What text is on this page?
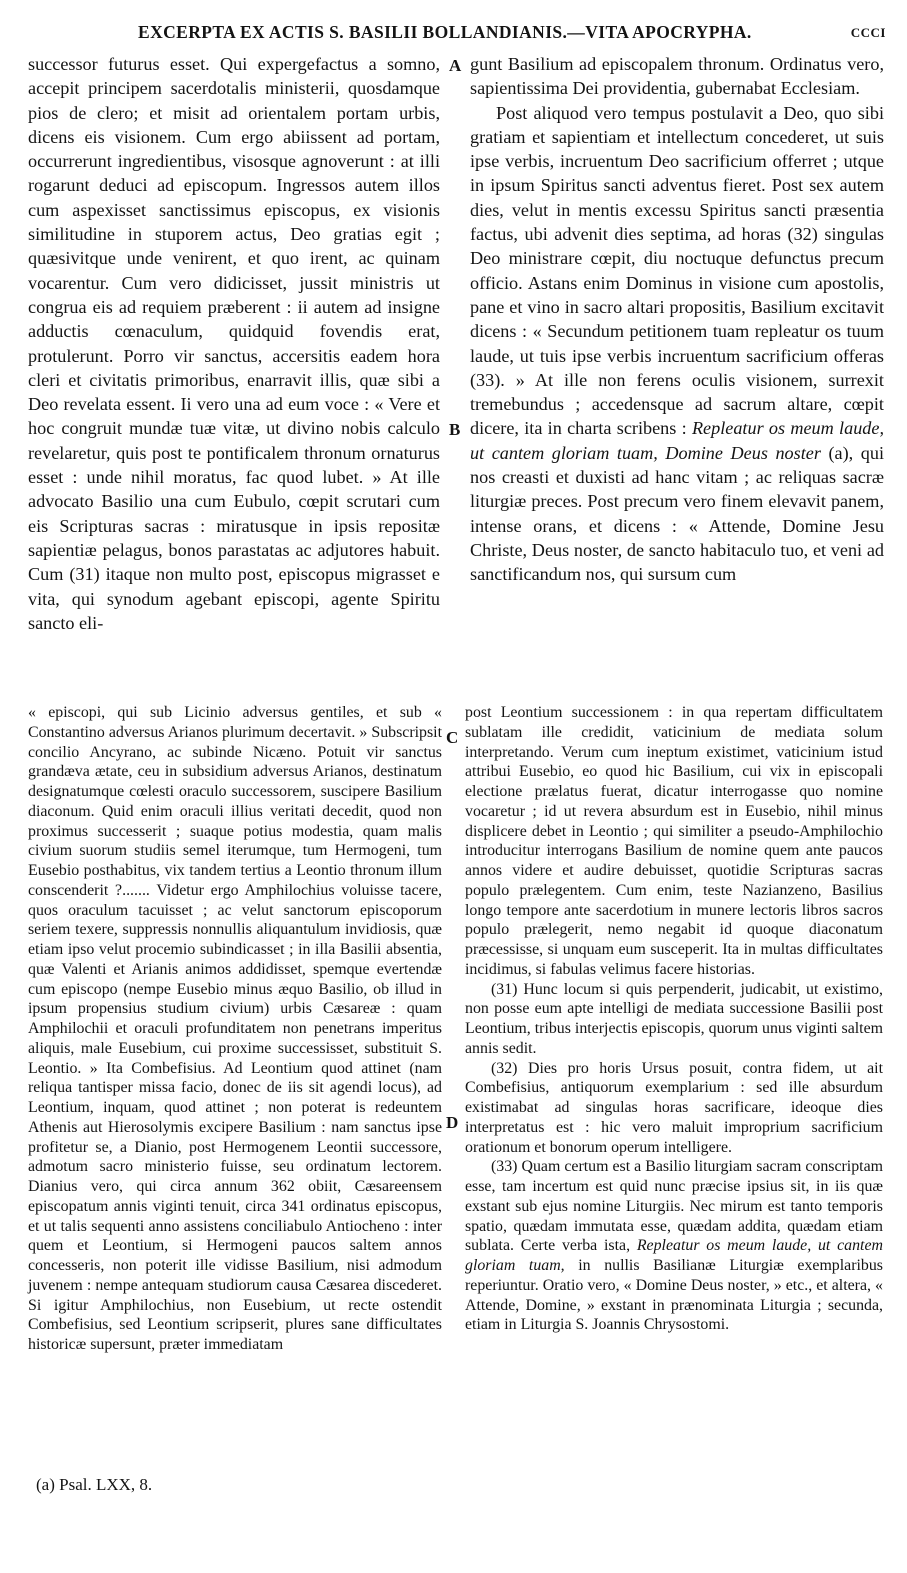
EXCERPTA EX ACTIS S. BASILII BOLLANDIANIS.—VITA APOCRYPHA.	CCCI

successor futurus esset. Qui expergefactus a somno, accepit principem sacerdotalis ministerii, quosdamque pios de clero; et misit ad orientalem portam urbis, dicens eis visionem. Cum ergo abiissent ad portam, occurrerunt ingredientibus, visosque agnoverunt : at illi rogarunt deduci ad episcopum. Ingressos autem illos cum aspexisset sanctissimus episcopus, ex visionis similitudine in stuporem actus, Deo gratias egit ; quæsivitque unde venirent, et quo irent, ac quinam vocarentur. Cum vero didicisset, jussit ministris ut congrua eis ad requiem præberent : ii autem ad insigne adductis cœnaculum, quidquid fovendis erat, protulerunt. Porro vir sanctus, accersitis eadem hora cleri et civitatis primoribus, enarravit illis, quæ sibi a Deo revelata essent. Ii vero una ad eum voce : « Vere et hoc congruit mundæ tuæ vitæ, ut divino nobis calculo revelaretur, quis post te pontificalem thronum ornaturus esset : unde nihil moratus, fac quod lubet. » At ille advocato Basilio una cum Eubulo, cœpit scrutari cum eis Scripturas sacras : miratusque in ipsis repositæ sapientiæ pelagus, bonos parastatas ac adjutores habuit. Cum (31) itaque non multo post, episcopus migrasset e vita, qui synodum agebant episcopi, agente Spiritu sancto eli-

A
B

gunt Basilium ad episcopalem thronum. Ordinatus vero, sapientissima Dei providentia, gubernabat Ecclesiam.

Post aliquod vero tempus postulavit a Deo, quo sibi gratiam et sapientiam et intellectum concederet, ut suis ipse verbis, incruentum Deo sacrificium offerret ; utque in ipsum Spiritus sancti adventus fieret. Post sex autem dies, velut in mentis excessu Spiritus sancti præsentia factus, ubi advenit dies septima, ad horas (32) singulas Deo ministrare cœpit, diu noctuque defunctus precum officio. Astans enim Dominus in visione cum apostolis, pane et vino in sacro altari propositis, Basilium excitavit dicens : « Secundum petitionem tuam repleatur os tuum laude, ut tuis ipse verbis incruentum sacrificium offeras (33). » At ille non ferens oculis visionem, surrexit tremebundus ; accedensque ad sacrum altare, cœpit dicere, ita in charta scribens : Repleatur os meum laude, ut cantem gloriam tuam, Domine Deus noster (a), qui nos creasti et duxisti ad hanc vitam ; ac reliquas sacræ liturgiæ preces. Post precum vero finem elevavit panem, intense orans, et dicens : « Attende, Domine Jesu Christe, Deus noster, de sancto habitaculo tuo, et veni ad sanctificandum nos, qui sursum cum

« episcopi, qui sub Licinio adversus gentiles, et sub « Constantino adversus Arianos plurimum decertavit. » Subscripsit concilio Ancyrano, ac subinde Nicæno. Potuit vir sanctus grandæva ætate, ceu in subsidium adversus Arianos, destinatum designatumque cœlesti oraculo successorem, suscipere Basilium diaconum. Quid enim oraculi illius veritati decedit, quod non proximus successerit ; suaque potius modestia, quam malis civium suorum studiis semel iterumque, tum Hermogeni, tum Eusebio posthabitus, vix tandem tertius a Leontio thronum illum conscenderit ?....... Videtur ergo Amphilochius voluisse tacere, quos oraculum tacuisset ; ac velut sanctorum episcoporum seriem texere, suppressis nonnullis aliquantulum invidiosis, quæ etiam ipso velut procemio subindicasset ; in illa Basilii absentia, quæ Valenti et Arianis animos addidisset, spemque evertendæ cum episcopo (nempe Eusebio minus æquo Basilio, ob illud in ipsum propensius studium civium) urbis Cæsareæ : quam Amphilochii et oraculi profunditatem non penetrans imperitus aliquis, male Eusebium, cui proxime successisset, substituit S. Leontio. » Ita Combefisius. Ad Leontium quod attinet (nam reliqua tantisper missa facio, donec de iis sit agendi locus), ad Leontium, inquam, quod attinet ; non poterat is redeuntem Athenis aut Hierosolymis excipere Basilium : nam sanctus ipse profitetur se, a Dianio, post Hermogenem Leontii successore, admotum sacro ministerio fuisse, seu ordinatum lectorem. Dianius vero, qui circa annum 362 obiit, Cæsareensem episcopatum annis viginti tenuit, circa 341 ordinatus episcopus, et ut talis sequenti anno assistens conciliabulo Antiocheno : inter quem et Leontium, si Hermogeni paucos saltem annos concesseris, non poterit ille vidisse Basilium, nisi admodum juvenem : nempe antequam studiorum causa Cæsarea discederet. Si igitur Amphilochius, non Eusebium, ut recte ostendit Combefisius, sed Leontium scripserit, plures sane difficultates historicæ supersunt, præter immediatam

C
D

post Leontium successionem : in qua repertam difficultatem sublatam ille credidit, vaticinium de mediata solum interpretando. Verum cum ineptum existimet, vaticinium istud attribui Eusebio, eo quod hic Basilium, cui vix in episcopali electione prælatus fuerat, dicatur interrogasse quo nomine vocaretur ; id ut revera absurdum est in Eusebio, nihil minus displicere debet in Leontio ; qui similiter a pseudo-Amphilochio introducitur interrogans Basilium de nomine quem ante paucos annos videre et audire debuisset, quotidie Scripturas sacras populo prælegentem. Cum enim, teste Nazianzeno, Basilius longo tempore ante sacerdotium in munere lectoris libros sacros populo prælegerit, nemo negabit id quoque diaconatum præcessisse, si unquam eum susceperit. Ita in multas difficultates incidimus, si fabulas velimus facere historias.

(31) Hunc locum si quis perpenderit, judicabit, ut existimo, non posse eum apte intelligi de mediata successione Basilii post Leontium, tribus interjectis episcopis, quorum unus viginti saltem annis sedit.

(32) Dies pro horis Ursus posuit, contra fidem, ut ait Combefisius, antiquorum exemplarium : sed ille absurdum existimabat ad singulas horas sacrificare, ideoque dies interpretatus est : hic vero maluit improprium sacrificium orationum et bonorum operum intelligere.

(33) Quam certum est a Basilio liturgiam sacram conscriptam esse, tam incertum est quid nunc præcise ipsius sit, in iis quæ exstant sub ejus nomine Liturgiis. Nec mirum est tanto temporis spatio, quædam immutata esse, quædam addita, quædam etiam sublata. Certe verba ista, Repleatur os meum laude, ut cantem gloriam tuam, in nullis Basilianæ Liturgiæ exemplaribus reperiuntur. Oratio vero, « Domine Deus noster, » etc., et altera, « Attende, Domine, » exstant in prænominata Liturgia ; secunda, etiam in Liturgia S. Joannis Chrysostomi.

(a) Psal. LXX, 8.
